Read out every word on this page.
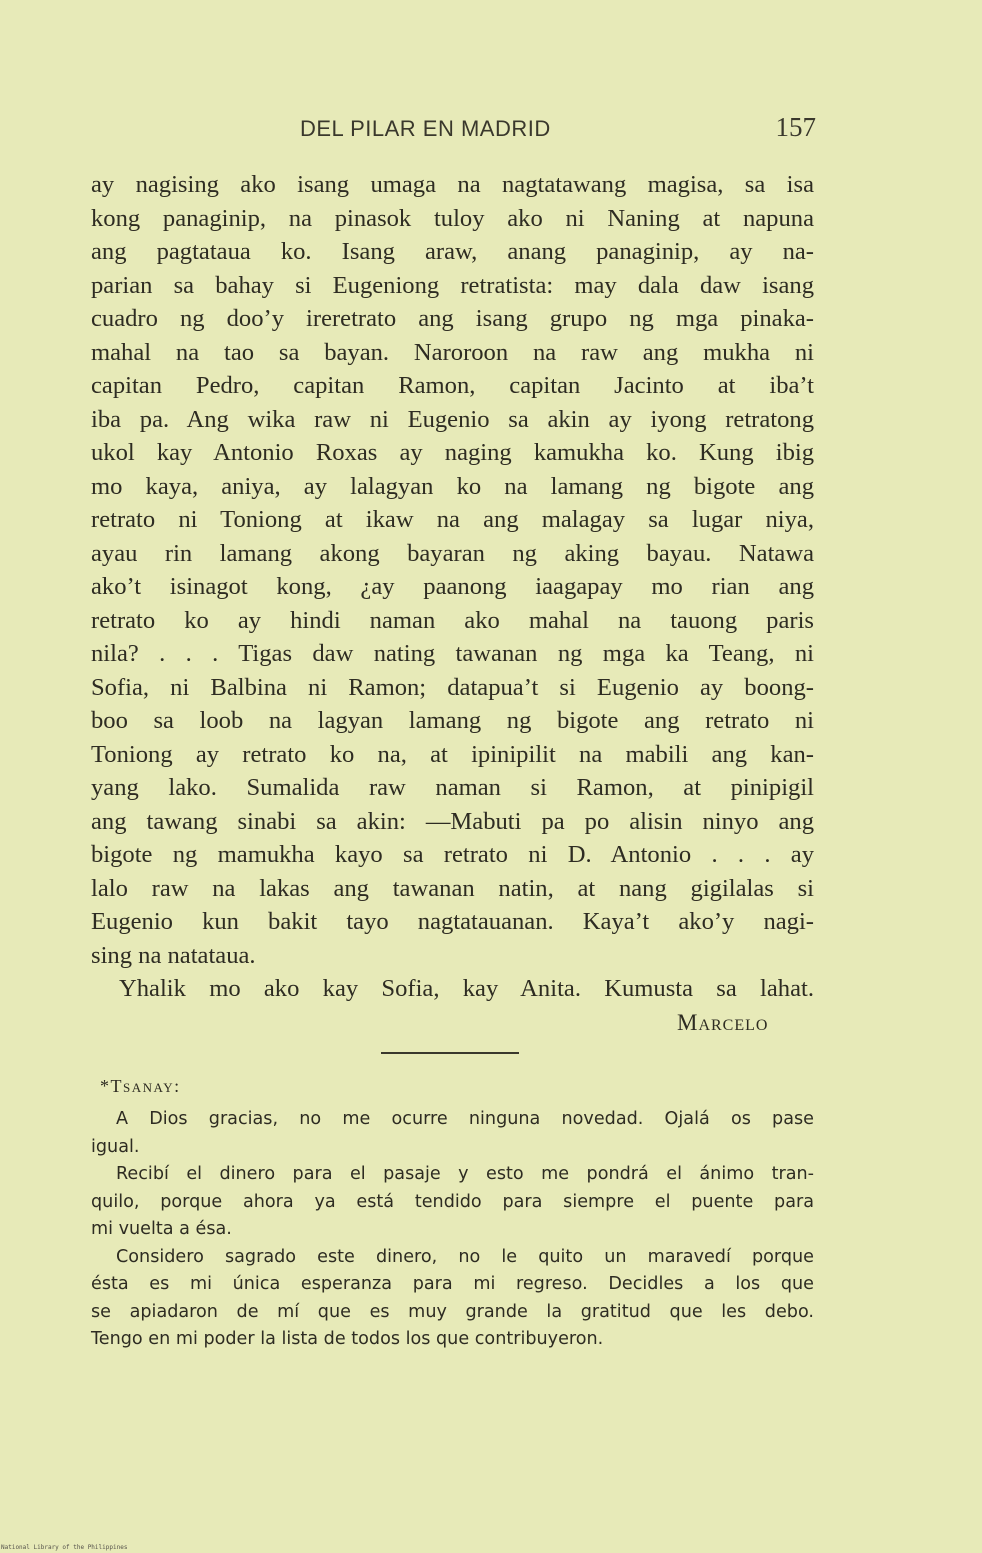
DEL PILAR EN MADRID	157
ay nagising ako isang umaga na nagtatawang magisa, sa isa
kong panaginip, na pinasok tuloy ako ni Naning at napuna
ang pagtataua ko. Isang araw, anang panaginip, ay na-
parian sa bahay si Eugeniong retratista: may dala daw isang
cuadro ng doo’y ireretrato ang isang grupo ng mga pinaka-
mahal na tao sa bayan. Naroroon na raw ang mukha ni
capitan Pedro, capitan Ramon, capitan Jacinto at iba’t
iba pa. Ang wika raw ni Eugenio sa akin ay iyong retratong
ukol kay Antonio Roxas ay naging kamukha ko. Kung ibig
mo kaya, aniya, ay lalagyan ko na lamang ng bigote ang
retrato ni Toniong at ikaw na ang malagay sa lugar niya,
ayau rin lamang akong bayaran ng aking bayau. Natawa
ako’t isinagot kong, ¿ay paanong iaagapay mo rian ang
retrato ko ay hindi naman ako mahal na tauong paris
nila? . . . Tigas daw nating tawanan ng mga ka Teang, ni
Sofia, ni Balbina ni Ramon; datapua’t si Eugenio ay boong-
boo sa loob na lagyan lamang ng bigote ang retrato ni
Toniong ay retrato ko na, at ipinipilit na mabili ang kan-
yang lako. Sumalida raw naman si Ramon, at pinipigil
ang tawang sinabi sa akin: —Mabuti pa po alisin ninyo ang
bigote ng mamukha kayo sa retrato ni D. Antonio . . . ay
lalo raw na lakas ang tawanan natin, at nang gigilalas si
Eugenio kun bakit tayo nagtatauanan. Kaya’t ako’y nagi-
sing na natataua.
Yhalik mo ako kay Sofia, kay Anita. Kumusta sa lahat.
Marcelo
*Tsanay:
A Dios gracias, no me ocurre ninguna novedad. Ojalá os pase
igual.
Recibí el dinero para el pasaje y esto me pondrá el ánimo tran-
quilo, porque ahora ya está tendido para siempre el puente para
mi vuelta a ésa.
Considero sagrado este dinero, no le quito un maravedí porque
ésta es mi única esperanza para mi regreso. Decidles a los que
se apiadaron de mí que es muy grande la gratitud que les debo.
Tengo en mi poder la lista de todos los que contribuyeron.
National Library of the Philippines
